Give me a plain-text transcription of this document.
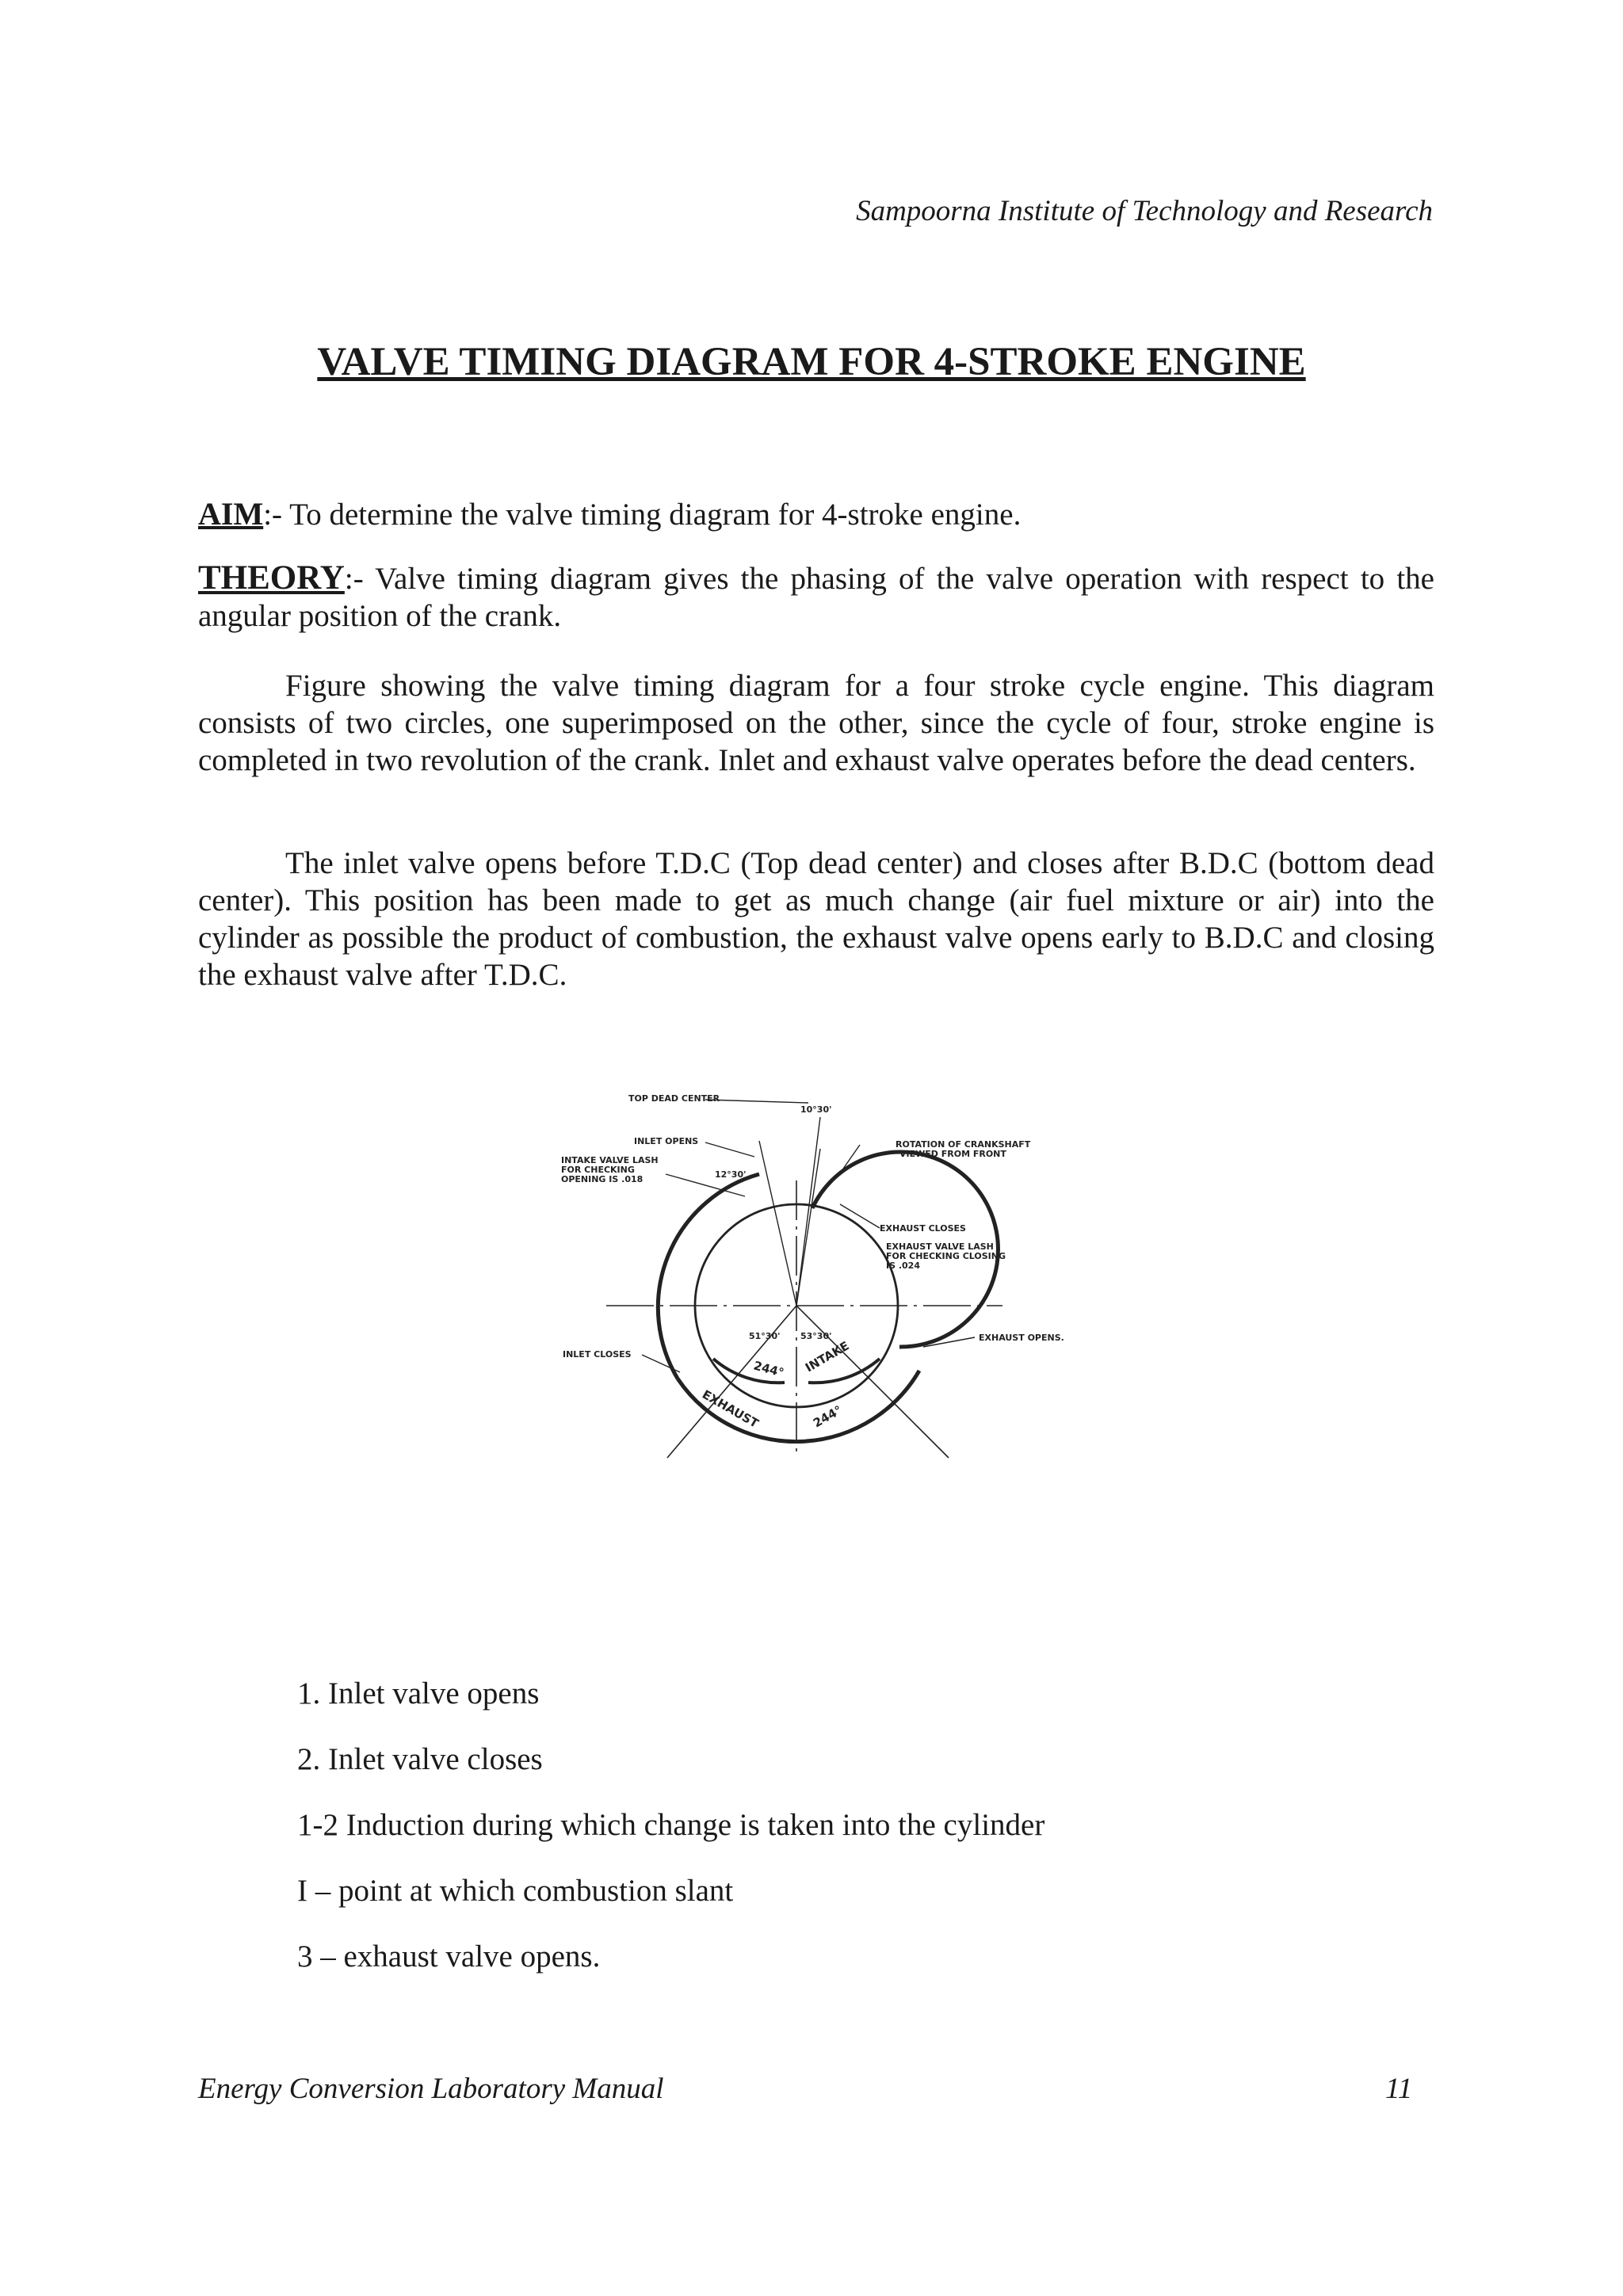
Sampoorna Institute of Technology and Research
VALVE TIMING DIAGRAM FOR 4-STROKE ENGINE
AIM:- To determine the valve timing diagram for 4-stroke engine.
THEORY:- Valve timing diagram gives the phasing of the valve operation with respect to the angular position of the crank.
Figure showing the valve timing diagram for a four stroke cycle engine. This diagram consists of two circles, one superimposed on the other, since the cycle of four, stroke engine is completed in two revolution of the crank. Inlet and exhaust valve operates before the dead centers.
The inlet valve opens before T.D.C (Top dead center) and closes after B.D.C (bottom dead center). This position has been made to get as much change (air fuel mixture or air) into the cylinder as possible the product of combustion, the exhaust valve opens early to B.D.C and closing the exhaust valve after T.D.C.
TOP DEAD CENTER
10°30'
INLET OPENS
INTAKE VALVE LASH
FOR CHECKING
OPENING IS .018	12°30'
ROTATION OF CRANKSHAFT
VIEWED FROM FRONT
EXHAUST CLOSES
EXHAUST VALVE LASH
FOR CHECKING CLOSING
IS .024
51°30' 53°30'	EXHAUST OPENS.
INLET CLOSES
244° INTAKE
EXHAUST	244°
1. Inlet valve opens
2. Inlet valve closes
1-2 Induction during which change is taken into the cylinder
I – point at which combustion slant
3 – exhaust valve opens.
Energy Conversion Laboratory Manual	11
